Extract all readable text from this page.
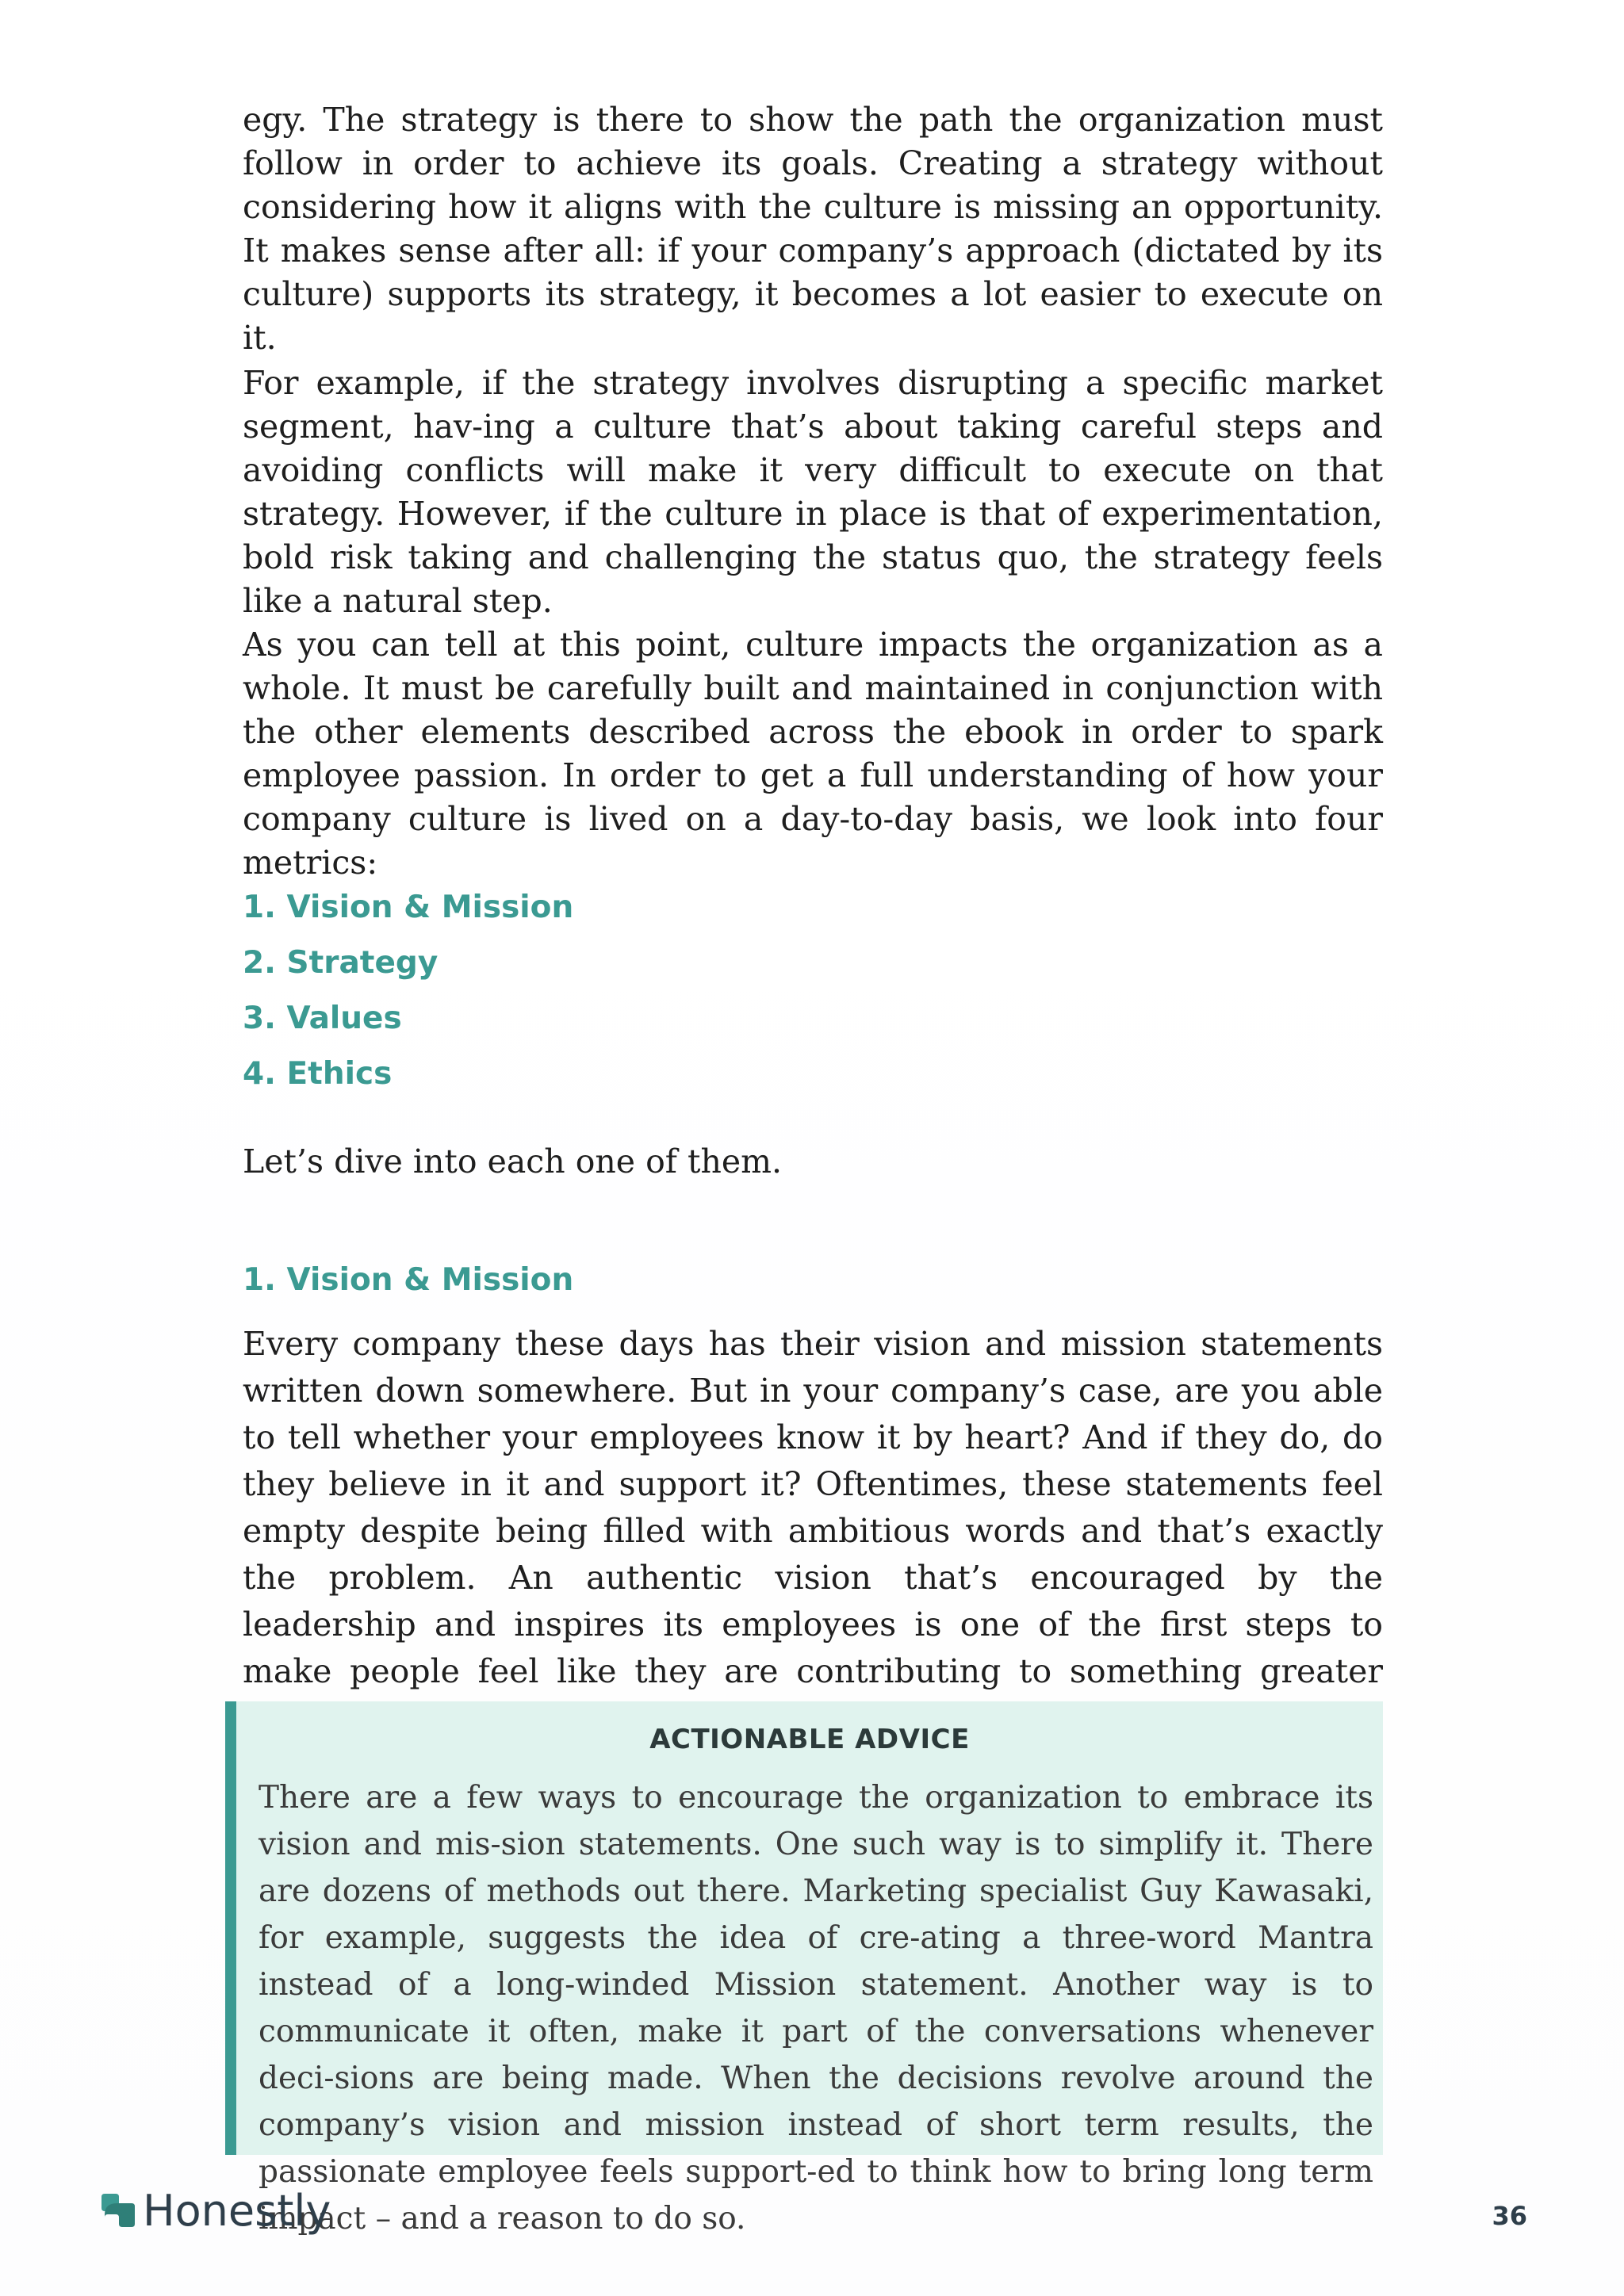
egy. The strategy is there to show the path the organization must follow in order to achieve its goals. Creating a strategy without considering how it aligns with the culture is missing an opportunity. It makes sense after all: if your company’s approach (dictated by its culture) supports its strategy, it becomes a lot easier to execute on it.

For example, if the strategy involves disrupting a specific market segment, hav-ing a culture that’s about taking careful steps and avoiding conflicts will make it very difficult to execute on that strategy. However, if the culture in place is that of experimentation, bold risk taking and challenging the status quo, the strategy feels like a natural step.

As you can tell at this point, culture impacts the organization as a whole. It must be carefully built and maintained in conjunction with the other elements described across the ebook in order to spark employee passion. In order to get a full understanding of how your company culture is lived on a day-to-day basis, we look into four metrics:

1. Vision & Mission
2. Strategy
3. Values
4. Ethics

Let’s dive into each one of them.

1. Vision & Mission

Every company these days has their vision and mission statements written down somewhere. But in your company’s case, are you able to tell whether your employees know it by heart? And if they do, do they believe in it and support it? Oftentimes, these statements feel empty despite being filled with ambitious words and that’s exactly the problem. An authentic vision that’s encouraged by the leadership and inspires its employees is one of the first steps to make people feel like they are contributing to something greater

ACTIONABLE ADVICE

There are a few ways to encourage the organization to embrace its vision and mis-sion statements. One such way is to simplify it. There are dozens of methods out there. Marketing specialist Guy Kawasaki, for example, suggests the idea of cre-ating a three-word Mantra instead of a long-winded Mission statement. Another way is to communicate it often, make it part of the conversations whenever deci-sions are being made. When the decisions revolve around the company’s vision and mission instead of short term results, the passionate employee feels support-ed to think how to bring long term impact – and a reason to do so.

Honestly	36
